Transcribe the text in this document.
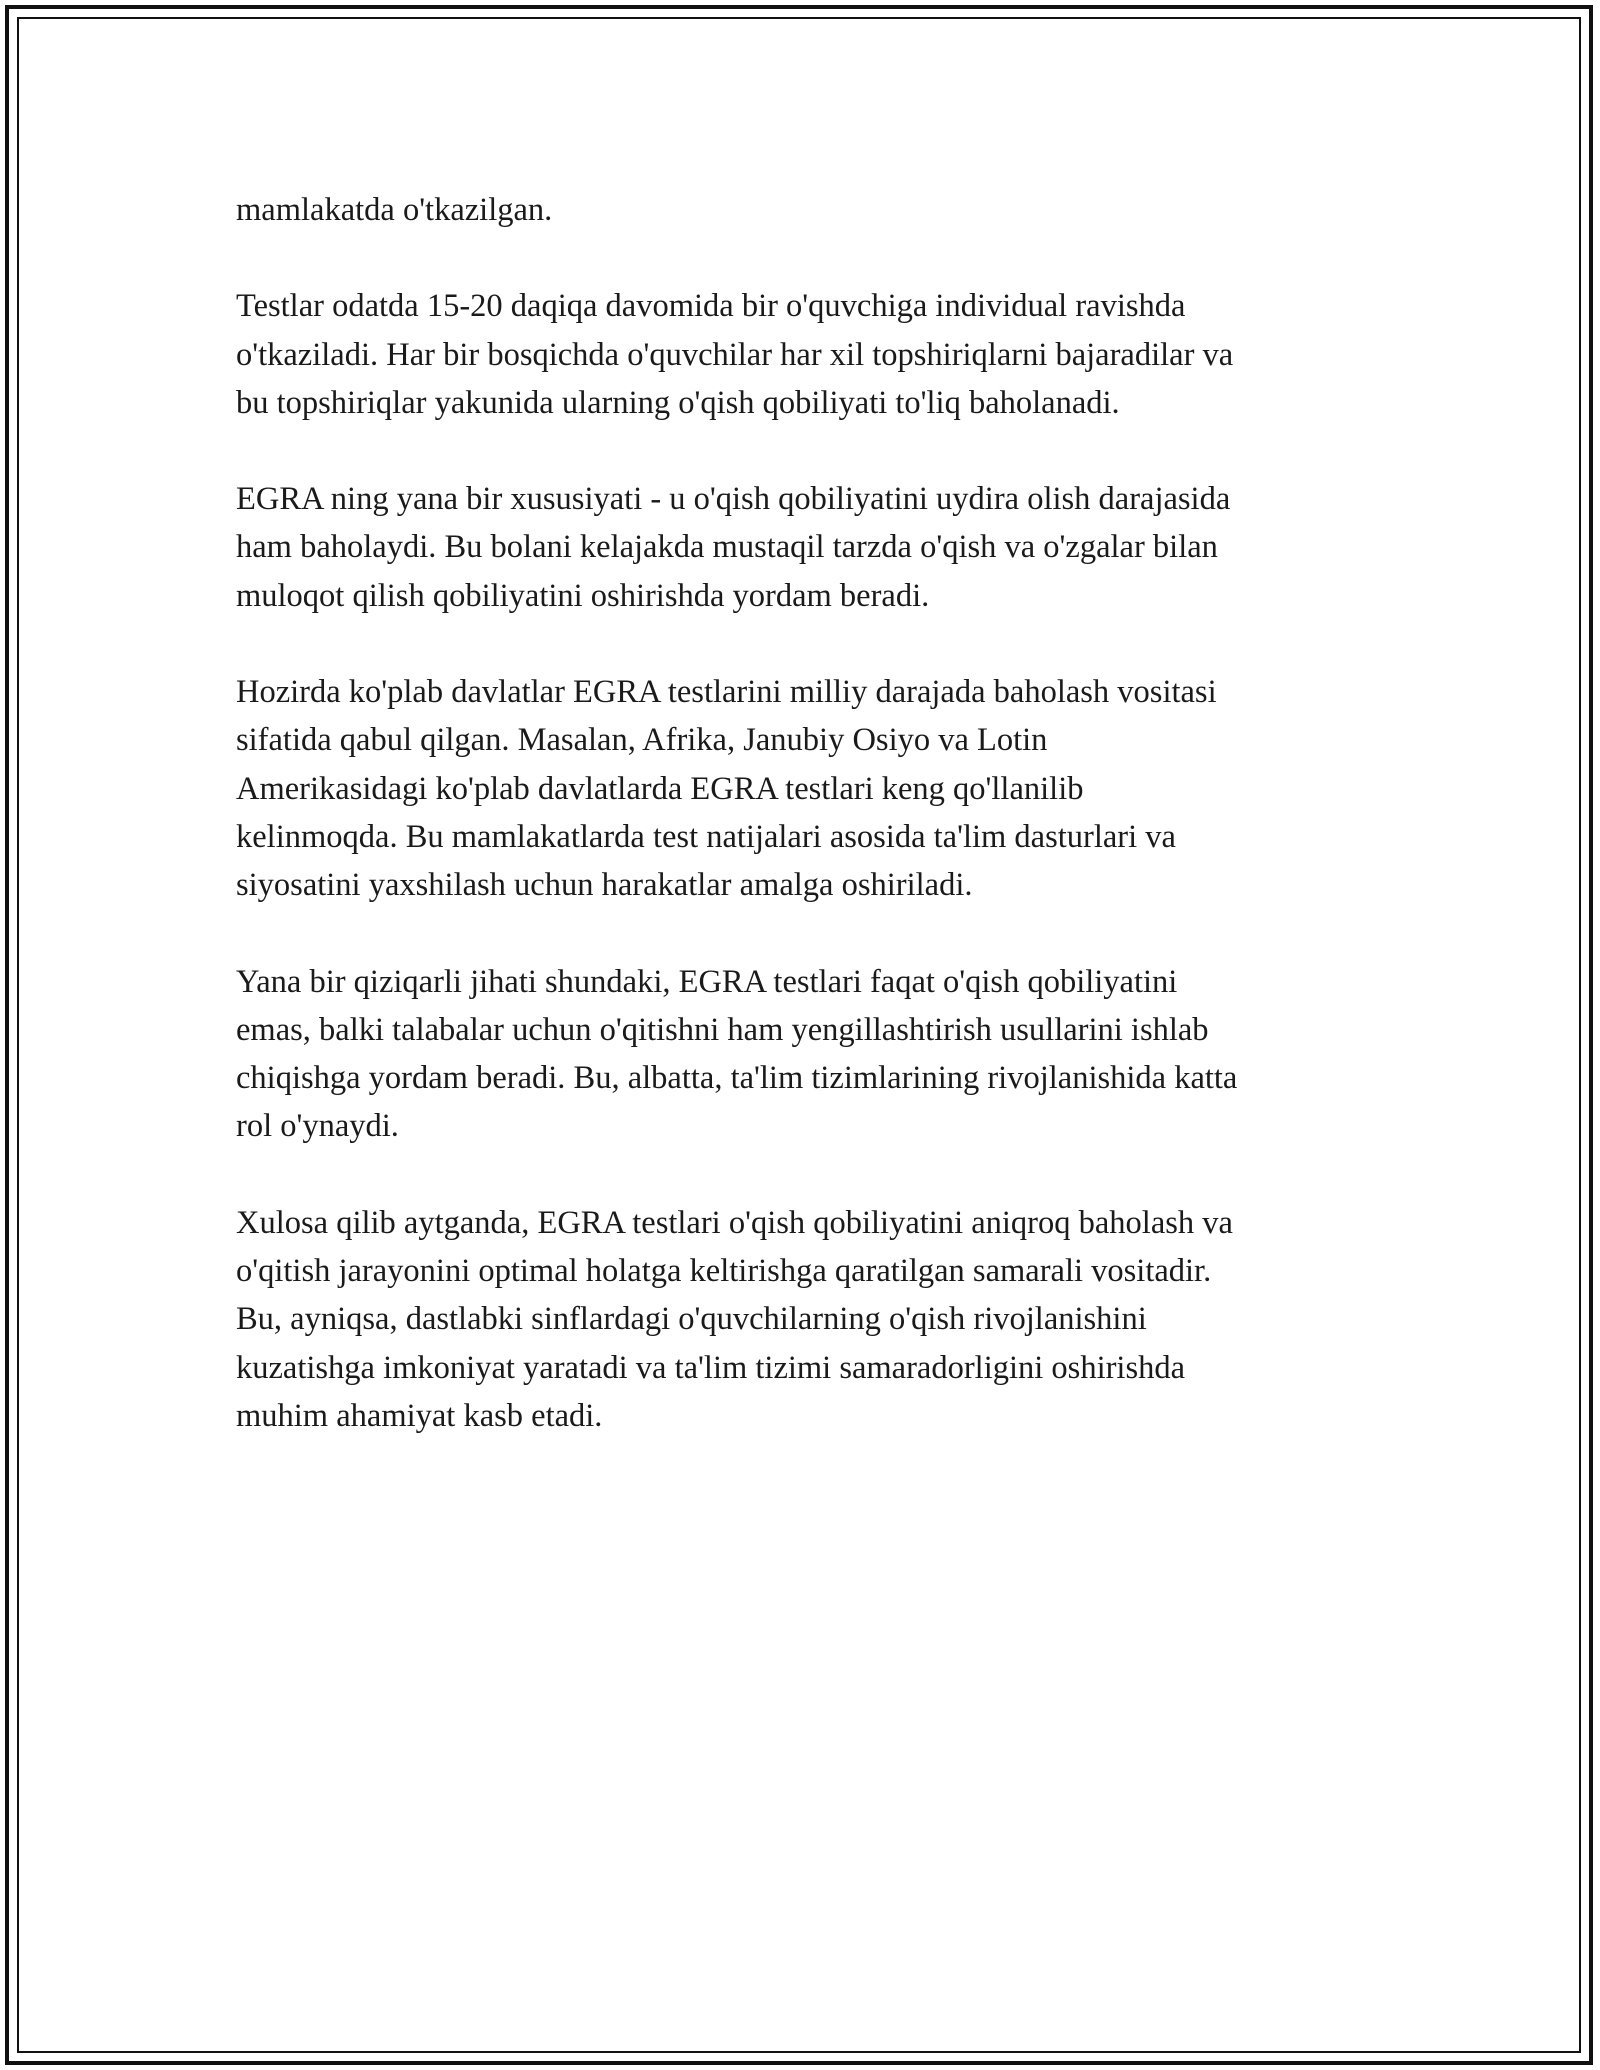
mamlakatda o'tkazilgan.

Testlar odatda 15-20 daqiqa davomida bir o'quvchiga individual ravishda
o'tkaziladi. Har bir bosqichda o'quvchilar har xil topshiriqlarni bajaradilar va
bu topshiriqlar yakunida ularning o'qish qobiliyati to'liq baholanadi.

EGRA ning yana bir xususiyati - u o'qish qobiliyatini uydira olish darajasida
ham baholaydi. Bu bolani kelajakda mustaqil tarzda o'qish va o'zgalar bilan
muloqot qilish qobiliyatini oshirishda yordam beradi.

Hozirda ko'plab davlatlar EGRA testlarini milliy darajada baholash vositasi
sifatida qabul qilgan. Masalan, Afrika, Janubiy Osiyo va Lotin
Amerikasidagi ko'plab davlatlarda EGRA testlari keng qo'llanilib
kelinmoqda. Bu mamlakatlarda test natijalari asosida ta'lim dasturlari va
siyosatini yaxshilash uchun harakatlar amalga oshiriladi.

Yana bir qiziqarli jihati shundaki, EGRA testlari faqat o'qish qobiliyatini
emas, balki talabalar uchun o'qitishni ham yengillashtirish usullarini ishlab
chiqishga yordam beradi. Bu, albatta, ta'lim tizimlarining rivojlanishida katta
rol o'ynaydi.

Xulosa qilib aytganda, EGRA testlari o'qish qobiliyatini aniqroq baholash va
o'qitish jarayonini optimal holatga keltirishga qaratilgan samarali vositadir.
Bu, ayniqsa, dastlabki sinflardagi o'quvchilarning o'qish rivojlanishini
kuzatishga imkoniyat yaratadi va ta'lim tizimi samaradorligini oshirishda
muhim ahamiyat kasb etadi.
